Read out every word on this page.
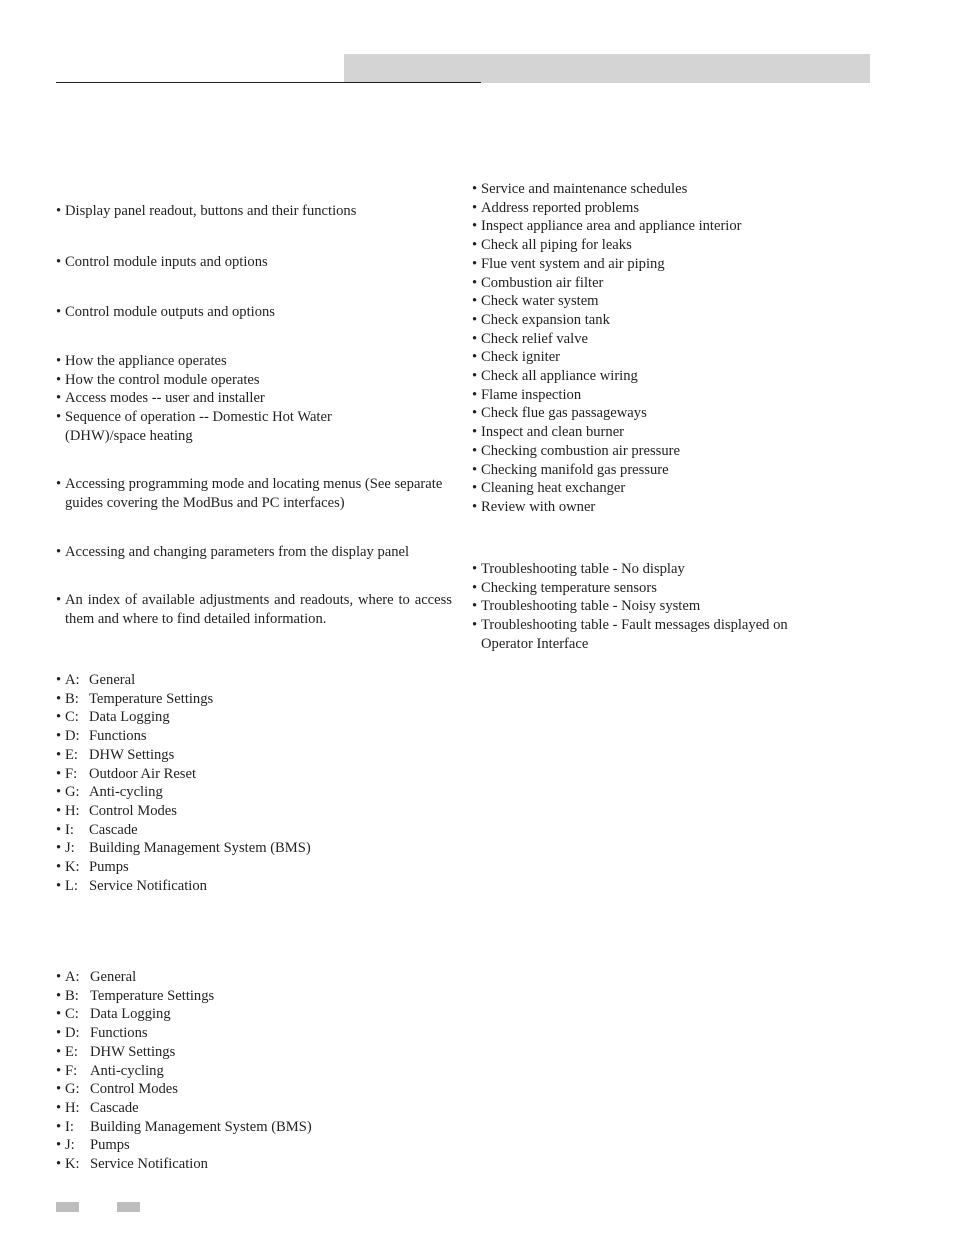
• Display panel readout, buttons and their functions
• Control module inputs and options
• Control module outputs and options
• How the appliance operates
• How the control module operates
• Access modes -- user and installer
• Sequence of operation -- Domestic Hot Water (DHW)/space heating
• Accessing programming mode and locating menus (See separate guides covering the ModBus and PC interfaces)
• Accessing and changing parameters from the display panel
• An index of available adjustments and readouts, where to access them and where to find detailed information.
• A: General
• B: Temperature Settings
• C: Data Logging
• D: Functions
• E: DHW Settings
• F: Outdoor Air Reset
• G: Anti-cycling
• H: Control Modes
• I: Cascade
• J: Building Management System (BMS)
• K: Pumps
• L: Service Notification
• A: General
• B: Temperature Settings
• C: Data Logging
• D: Functions
• E: DHW Settings
• F: Anti-cycling
• G: Control Modes
• H: Cascade
• I: Building Management System (BMS)
• J: Pumps
• K: Service Notification
• Service and maintenance schedules
• Address reported problems
• Inspect appliance area and appliance interior
• Check all piping for leaks
• Flue vent system and air piping
• Combustion air filter
• Check water system
• Check expansion tank
• Check relief valve
• Check igniter
• Check all appliance wiring
• Flame inspection
• Check flue gas passageways
• Inspect and clean burner
• Checking combustion air pressure
• Checking manifold gas pressure
• Cleaning heat exchanger
• Review with owner
• Troubleshooting table - No display
• Checking temperature sensors
• Troubleshooting table - Noisy system
• Troubleshooting table - Fault messages displayed on Operator Interface
